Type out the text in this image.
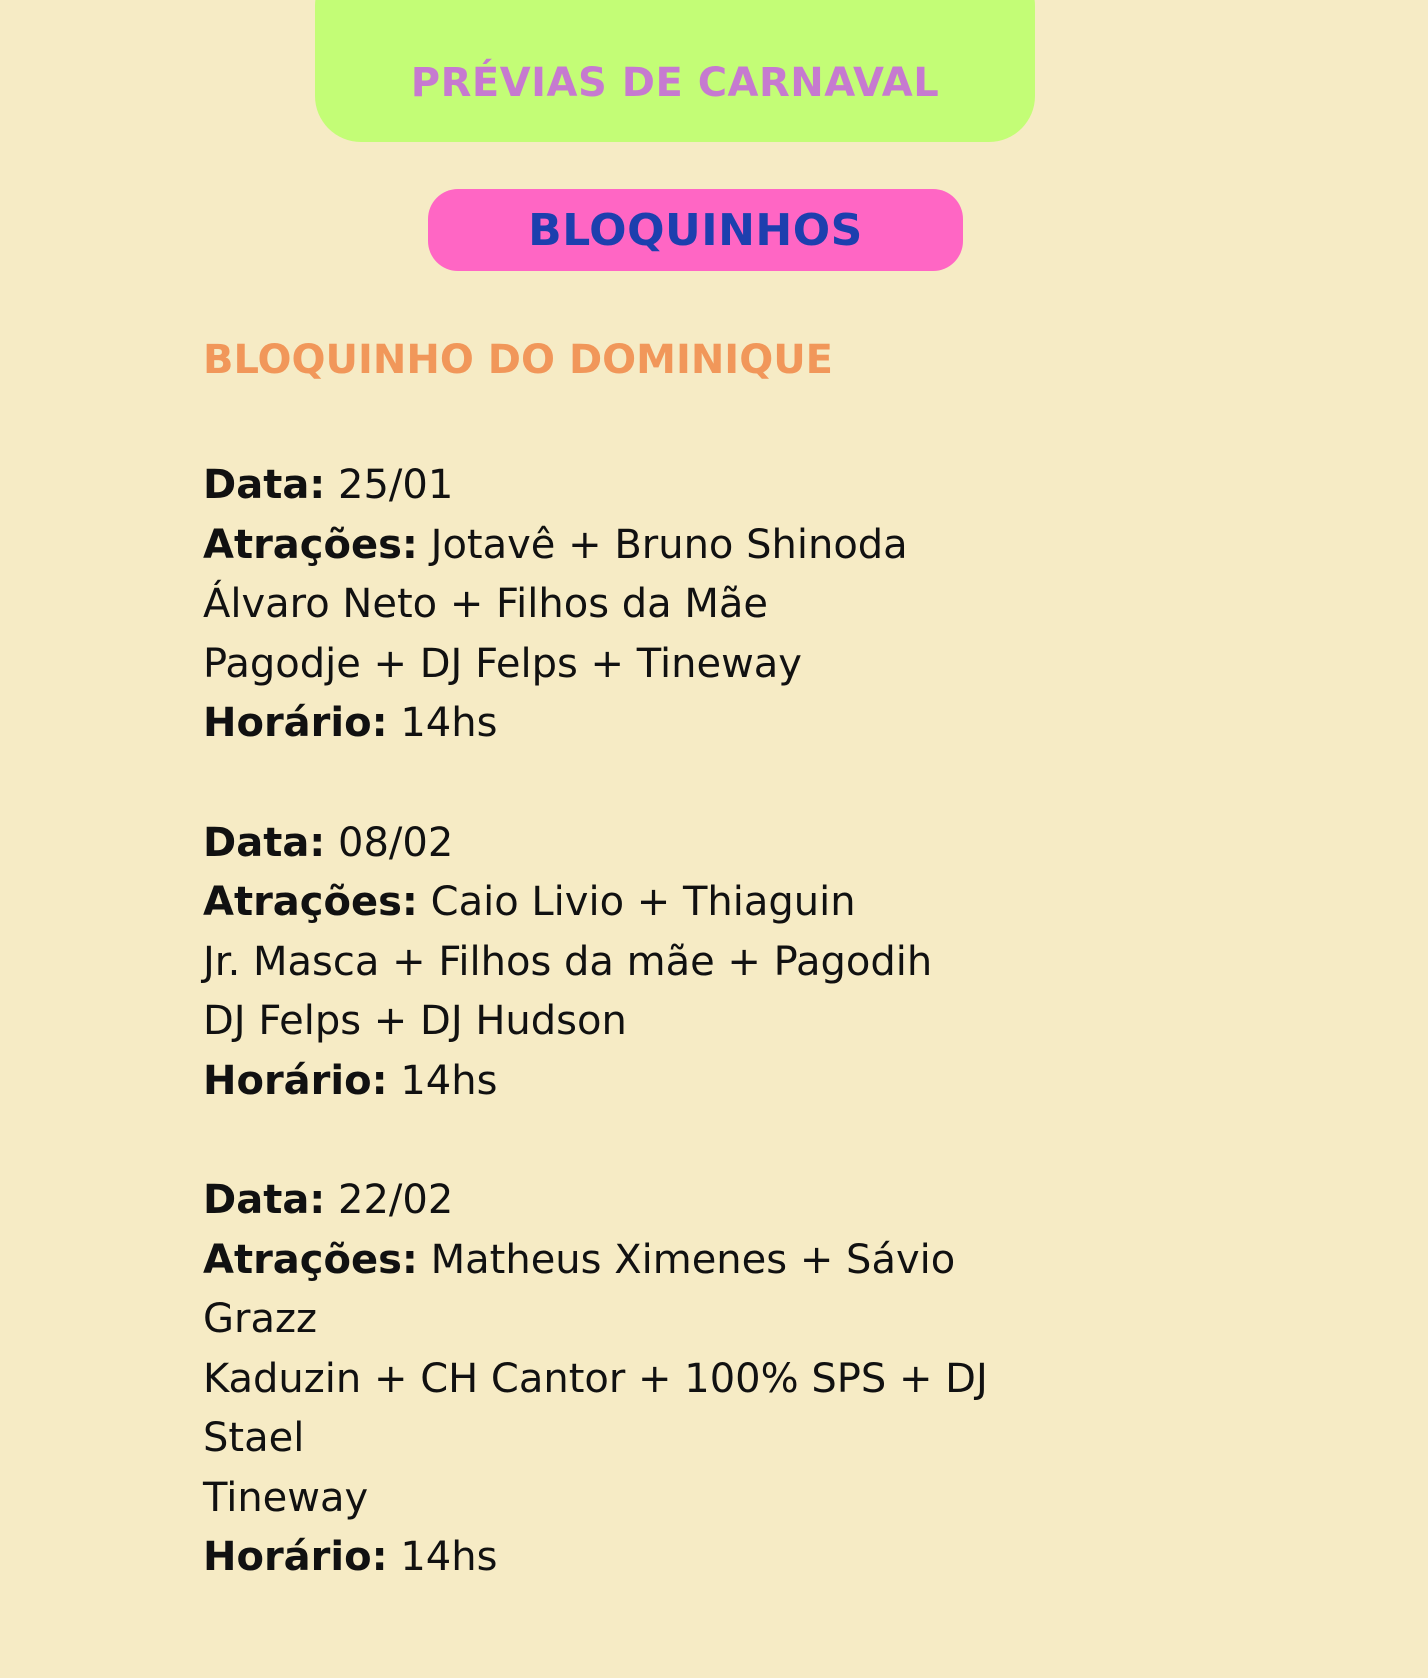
PRÉVIAS DE CARNAVAL
BLOQUINHOS
BLOQUINHO DO DOMINIQUE
Data: 25/01
Atrações: Jotavê + Bruno Shinoda
Álvaro Neto + Filhos da Mãe
Pagodje + DJ Felps + Tineway
Horário: 14hs
Data: 08/02
Atrações: Caio Livio + Thiaguin
Jr. Masca + Filhos da mãe + Pagodih
DJ Felps + DJ Hudson
Horário: 14hs
Data: 22/02
Atrações: Matheus Ximenes + Sávio
Grazz
Kaduzin + CH Cantor + 100% SPS + DJ
Stael
Tineway
Horário: 14hs
